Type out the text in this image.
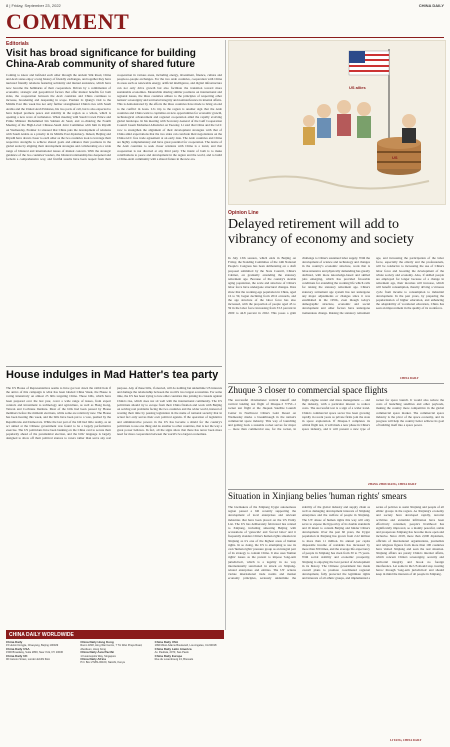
8 | Friday, September 23, 2022	CHINA DAILY
COMMENT
Editorials
Visit has broad significance for building China-Arab community of shared future
Coming to know and befriend each other through the ancient Silk Road, China and Arab states enjoy a long history of friendly exchanges, and together they have nurtured friendly relations featuring solidarity and mutual assistance, which have now become the hallmarks of their cooperation. Driven by a combination of economic, strategic and geopolitical factors that offer mutual benefits for both sides, the cooperation between the Arab countries and China continues to increase, broadening and deepening in scope. Premier Li Qiang's visit to the Middle East this week has not only further strengthened China's ties with Saudi Arabia and the United Arab Emirates, his two ports of call, but is also expected to have helped promote peace and stability in the region as a whole, which is opening a new wave of turbulence. When meeting with Saudi Crown Prince and Prime Minister Mohammed bin Salman Al Saud, and co-chairing the Fourth Meeting of the High-Level Chinese-Saudi Joint Committee with him in Riyadh on Wednesday, Premier Li stressed that China puts the development of relations with Saudi Arabia as a priority in its Middle East diplomacy. Indeed, Beijing and Riyadh have drawn closer to each other as the two countries look to leverage their respective strengths to achieve shared goals and enhance their positions in the global arena by aligning their development strategies and collaborating on a wide range of bilateral and international issues of mutual concern. With the strategic guidance of the two countries' leaders, the bilateral relationship has deepened and forbeds a comprehensive way, and fruitful results have been reaped from their cooperation in various areas, including energy, investment, finance, culture and people-to-people exchanges. For the two Arab countries, cooperation with China in areas such as renewable energy, artificial intelligence, and digital infrastructure can not only drive growth but also facilitate the transition toward more sustainable economies. Meanwhile sharing similar positions on international and regional issues, the three countries adhere to the principles of respecting other nations' sovereignty and territorial integrity and noninterference in internal affairs. This is demonstrated by the efforts the three countries have made to bring an end to the conflict in Gaza. Li's trip to the region is another sign that the Arab countries and China want to capitalize on new opportunities for economic growth, technological advancement and regional cooperation amid the rapidly evolving global landscape. In his meeting with Secretary-General of the Gulf Cooperation Council Jasem Mohamed Albudaiwi on Tuesday, Li said that China and the GCC vow to strengthen the alignment of their development strategies with that of China amid expectations that the two sides can conclude their negotiations on the China-GCC free trade agreement at an early date. The Arab countries and China are highly complementary and have great potential for cooperation. The desire of the Arab countries to seek closer relations with China is a trend, and that cooperation is not directed at any third party. The intent of both is to make contributions to peace and development in the region and the world, and to build a China-Arab community with a shared future in the new era.
House indulges in Mad Hatter's tea party
The US House of Representatives seems to have got lost down the rabbit hole if the antics of this campaign is what has been labeled China Week, the House is voting intensively on almost 25 bills targeting China. Those bills, which have been prepared over the last year, cover a wide range of issues, from export controls and investment to technology and agriculture, as well as Hong Kong, Taiwan and Cochrane Institute. Most of the bills had been passed by House members before the midterm elections, while some are relatively new. The House has been hearing this week, and the bills have been put to a vote, pushed by the Republicans and Democrats. While the last part of the bill had little reality, as an act aimed at the Chinese government was found to be a largely performative exercise. The US politicians have been banking on the China card to secure their popularity ahead of the presidential election, and the bills' language is largely designed to show off their political stances to voters rather than serve any real purpose. Any of these bills, if enacted, will do nothing but undermine US interests and damage the relationship between the world's two largest economies. For some time, the US has been trying to lure other countries into joining its crusade against China's rise, which does not sit well with the international community. The US politicians should try to escape from their China fixation and work with Beijing on solving real problems facing the two countries and the wider world, instead of wasting their time by passing legislation in the name of national security that in actual fact only serves their own political agenda. If the operation of legislative and administrative powers in the US has become a shield for the country's politicians to use one thing and do another to other countries, that is not the way a great power behaves. In fact, all the signs show that there has never been more need for more cooperation between the world's two largest economies.
US allies
US
Opinion Line
Delayed retirement will add to vibrancy of economy and society
In July 13th session, which ends in Beijing on Friday, the Standing Committee of the 14th National People's Congress has been deliberating on a draft proposal submitted by the State Council, China's Cabinet, on gradually extending the statutory retirement age. Because of the country's sizable aging population, the scale and structure of China's labor force have undergone structural changes. Data show that the working-age population in China, aged 16 to 59, began declining from 2012 onwards, and the age structure of the labor force has also increased, with the proportion of people aged 45 to 59 in the labor force increasing from 33.3 percent in 2000 to 44.8 percent in 2022. This poses a grim challenge to China's sustained labor supply. With the development of science and technology and changes in the country's economic structure, work that is labor-intensive and physically demanding has greatly declined, with more knowledge-based and skilled jobs emerging, which has provided favorable conditions for extending the working life which calls for raising the statutory retirement age. China's statutory retirement age system has not undergone any major adjustments or changes since it was established in the 1950s, even though today's demographic structure, economic and social development and other factors have undergone tremendous change. Raising the statutory retirement age, and increasing the participation of the labor force, especially the elderly and the professionals, will be conducive to increasing the use of China's labor force and boosting the development of the whole society and economy. Also, if skilled people are employed for longer because of a change in retirement age, their incomes will increase, which will benefit consumption, thereby driving a virtuous cycle from income to consumption to industrial development. In the past years, by preparing the popularization of higher education, and enhancing the adaptability of vocational education, China has seen an improvement in the quality of its workforce.
CHINA DAILY
Zhuque 3 closer to commercial space flights
The successful 10-kilometer vertical takeoff and vertical landing test flight of Zhuque-3 VTVL-1 rocket test flight at the Jiuquan Satellite Launch Center in Northwest China's Gobi Desert on Wednesday marks a breakthrough in the nation's commercial space industry. This way of launching and getting back a reusable rocket serves for major — more than commercial use, for the rocket, in flight engine restart and mass management — and the industry, with a particular interest to reduce costs. The successful test is a sign of a wider trend. China's commercial space sector has been growing rapidly in recent years as private firms join the state in space exploration. If Zhuque-3 completes its orbital flight test, it will mark a new phase in China's space industry, and it will present a new type of rocket for space launch. It would also reduce the costs of launching satellites and other payloads, making the country more competitive in the global commercial space market. The commercial space industry is the pivot of the space economy, and its progress will help the country better achieve its goal of building itself into a space power.
ZHANG ZHOUXIANG, CHINA DAILY
Situation in Xinjiang belies 'human rights' smears
The lawmakers of the Xinjiang Uygur autonomous region passed a bill recently supporting the development of local enterprises and relevant industries that have been placed on the US Entity List. The US has deliberately fabricated lies related to Xinjiang, including smearing Beijing with accusations of 'genocide' and 'forced labor' and it frequently slanders China's human rights situation in Xinjiang as it's one of the highest areas of human rights. In so doing, the US is attempting to use its own 'human rights' pressure group as an integral part of its strategy to contain China. It also uses 'human rights' issues as the pretext to impose 'long-arm jurisdiction', which is a legality in no way internationally sanctioned in attack on Xinjiang-related enterprises and entities. The US' actions violate international trade norms and market economy principles, seriously undermine the stability of the global industry and supply chain as well as damaging development interests of Xinjiang enterprises and the welfare of people in Xinjiang. The US' abuse of human rights this way will only serve to expose the hypocrisy of its double standards and ill intent to contain Beijing and hinder China's development. Over the past 60 years, the Uygur population in Xinjiang has grown from 2.22 million to more than 11 million. Its annual per capita disposable income of residents has increased by more than 300 times, and the average life expectancy of people in Xinjiang has risen from 30 to 75 years. With social stability and economic prosperity, Xinjiang is enjoying the best period of development in its history. The Chinese government has made overall plans to promote coordinated regional development, fully protected the legitimate rights and interests of all ethnic groups, and implemented a series of policies to assist Xinjiang and people of all ethnic groups in the region. As Xinjiang's economy and society have developed rapidly, terrorist activities and extremist infiltration have been effectively contained, people's livelihood has significantly improved, so a mainly peaceful, stable and prosperous Xinjiang has become more open and inclusive. Since 2018, more than 2,000 diplomats, officials of international organizations, journalists and religious figures from more than 100 countries have visited Xinjiang and seen the real situation. Xinjiang affairs are purely China's internal affairs, which concern China's sovereignty, security and territorial integrity and brook no foreign interference. Let some in the US should stop creating havoc through 'long-arm jurisdiction' and should keep in mind the interests of all people in Xinjiang.
LI YANG, CHINA DAILY
CHINA DAILY WORLDWIDE
China Daily
15 Huixin Dongjie, Chaoyang, Beijing 100029
China Daily USA
1500 Broadway, Suite 2800, New York, NY 10036
China Daily UK
90 Cannon Street, London EC4N 6HA
China Daily Hong Kong
Room 1818, Hing Wai Centre, 7 Tin Wan Praya Road, Aberdeen, Hong Kong
China Daily Asia Pacific
1 Fusionopolis Way, Singapore
China Daily Africa
P.O. Box 27281-00100, Nairobi, Kenya
China Daily USA
1999 West Adams Boulevard, Los Angeles, CA 90018
China Daily Latin America
Av. Paulista, 2073, Sao Paulo
China Daily Europe
Rue du Luxembourg 13, Brussels
